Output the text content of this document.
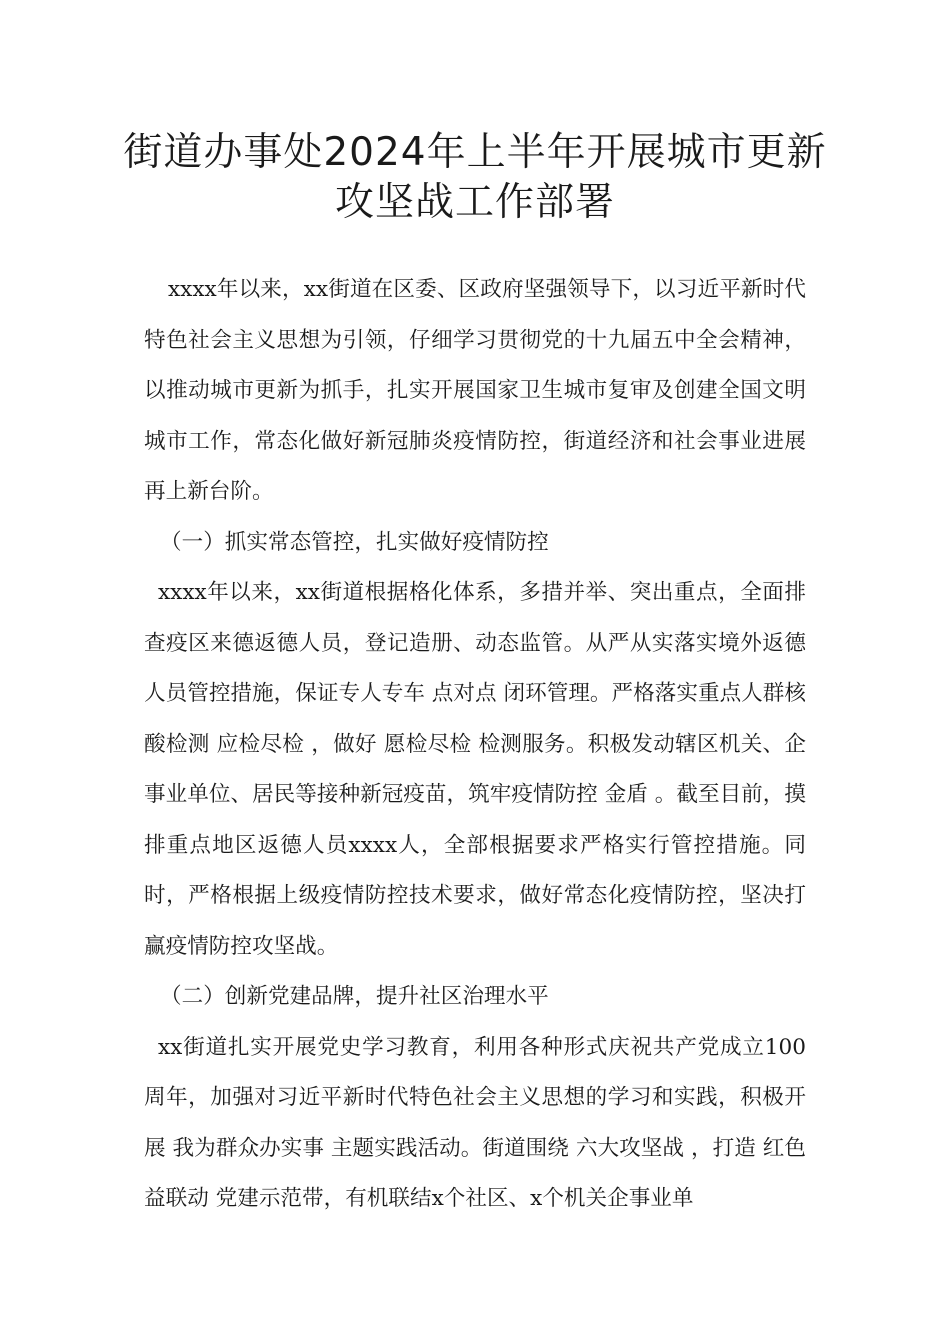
街道办事处2024年上半年开展城市更新攻坚战工作部署

xxxx年以来，xx街道在区委、区政府坚强领导下，以习近平新时代特色社会主义思想为引领，仔细学习贯彻党的十九届五中全会精神，以推动城市更新为抓手，扎实开展国家卫生城市复审及创建全国文明城市工作，常态化做好新冠肺炎疫情防控，街道经济和社会事业进展再上新台阶。

（一）抓实常态管控，扎实做好疫情防控

xxxx年以来，xx街道根据格化体系，多措并举、突出重点，全面排查疫区来德返德人员，登记造册、动态监管。从严从实落实境外返德人员管控措施，保证专人专车 点对点 闭环管理。严格落实重点人群核酸检测 应检尽检 ，做好 愿检尽检 检测服务。积极发动辖区机关、企事业单位、居民等接种新冠疫苗，筑牢疫情防控 金盾 。截至目前，摸排重点地区返德人员xxxx人，全部根据要求严格实行管控措施。同时，严格根据上级疫情防控技术要求，做好常态化疫情防控，坚决打赢疫情防控攻坚战。

（二）创新党建品牌，提升社区治理水平

xx街道扎实开展党史学习教育，利用各种形式庆祝共产党成立100周年，加强对习近平新时代特色社会主义思想的学习和实践，积极开展 我为群众办实事 主题实践活动。街道围绕 六大攻坚战 ，打造 红色益联动 党建示范带，有机联结x个社区、x个机关企事业单
